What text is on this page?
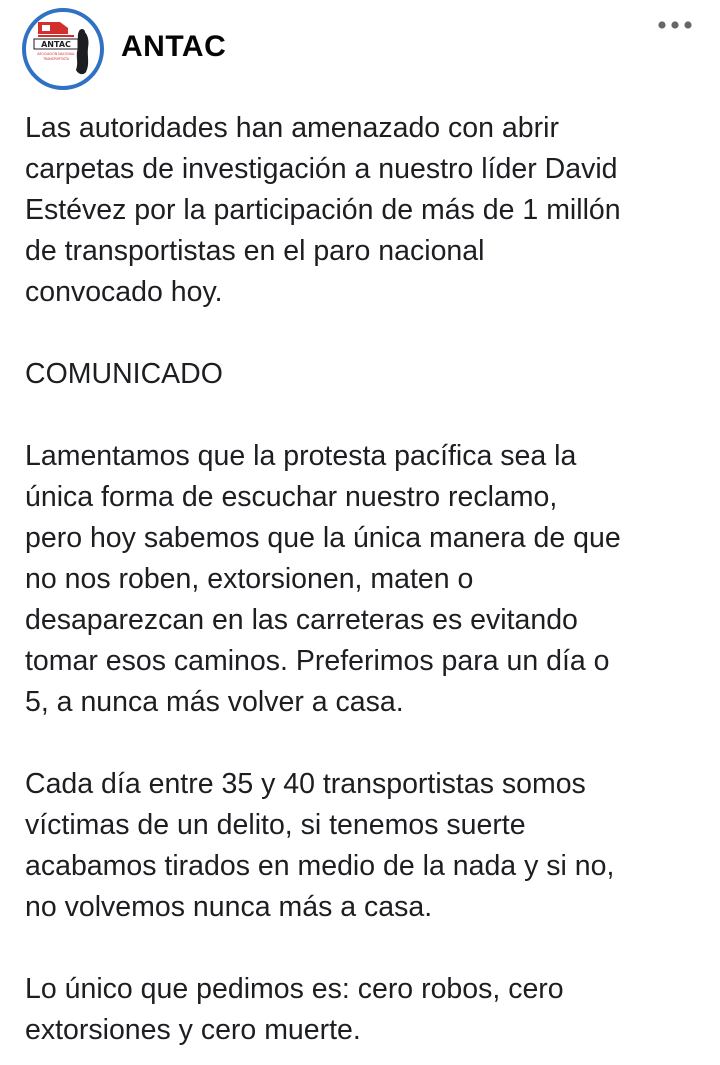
ANTAC
ASOCIACIÓN NACIONAL
TRANSPORTISTA ANTAC

Las autoridades han amenazado con abrir
carpetas de investigación a nuestro líder David
Estévez por la participación de más de 1 millón
de transportistas en el paro nacional
convocado hoy.

COMUNICADO

Lamentamos que la protesta pacífica sea la
única forma de escuchar nuestro reclamo,
pero hoy sabemos que la única manera de que
no nos roben, extorsionen, maten o
desaparezcan en las carreteras es evitando
tomar esos caminos. Preferimos para un día o
5, a nunca más volver a casa.

Cada día entre 35 y 40 transportistas somos
víctimas de un delito, si tenemos suerte
acabamos tirados en medio de la nada y si no,
no volvemos nunca más a casa.

Lo único que pedimos es: cero robos, cero
extorsiones y cero muerte.
